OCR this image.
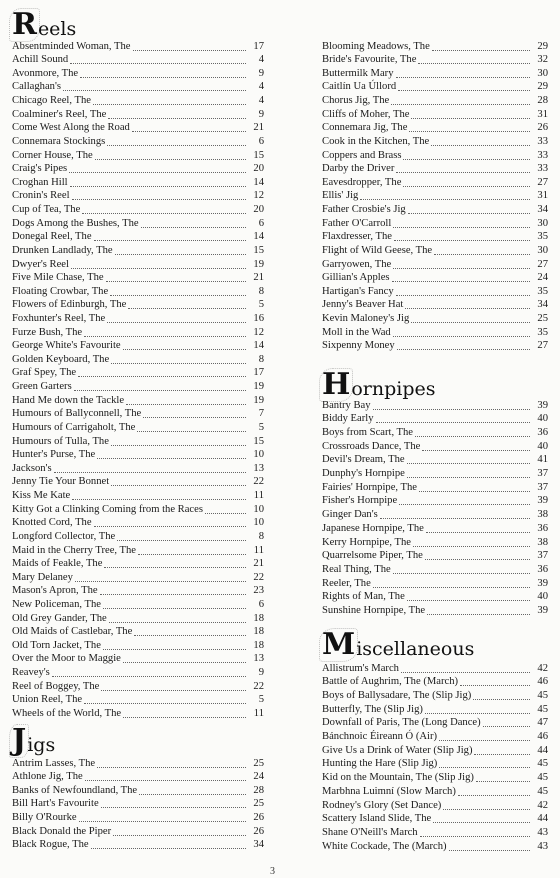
R eels
Absentminded Woman, The	17
Achill Sound	4
Avonmore, The	9
Callaghan's	4
Chicago Reel, The	4
Coalminer's Reel, The	9
Come West Along the Road	21
Connemara Stockings	6
Corner House, The	15
Craig's Pipes	20
Croghan Hill	14
Cronin's Reel	12
Cup of Tea, The	20
Dogs Among the Bushes, The	6
Donegal Reel, The	14
Drunken Landlady, The	15
Dwyer's Reel	19
Five Mile Chase, The	21
Floating Crowbar, The	8
Flowers of Edinburgh, The	5
Foxhunter's Reel, The	16
Furze Bush, The	12
George White's Favourite	14
Golden Keyboard, The	8
Graf Spey, The	17
Green Garters	19
Hand Me down the Tackle	19
Humours of Ballyconnell, The	7
Humours of Carrigaholt, The	5
Humours of Tulla, The	15
Hunter's Purse, The	10
Jackson's	13
Jenny Tie Your Bonnet	22
Kiss Me Kate	11
Kitty Got a Clinking Coming from the Races	10
Knotted Cord, The	10
Longford Collector, The	8
Maid in the Cherry Tree, The	11
Maids of Feakle, The	21
Mary Delaney	22
Mason's Apron, The	23
New Policeman, The	6
Old Grey Gander, The	18
Old Maids of Castlebar, The	18
Old Torn Jacket, The	18
Over the Moor to Maggie	13
Reavey's	9
Reel of Boggey, The	22
Union Reel, The	5
Wheels of the World, The	11
J igs
Antrim Lasses, The	25
Athlone Jig, The	24
Banks of Newfoundland, The	28
Bill Hart's Favourite	25
Billy O'Rourke	26
Black Donald the Piper	26
Black Rogue, The	34
Blooming Meadows, The	29
Bride's Favourite, The	32
Buttermilk Mary	30
Caitlín Ua Úllord	29
Chorus Jig, The	28
Cliffs of Moher, The	31
Connemara Jig, The	26
Cook in the Kitchen, The	33
Coppers and Brass	33
Darby the Driver	33
Eavesdropper, The	27
Ellis' Jig	31
Father Crosbie's Jig	34
Father O'Carroll	30
Flaxdresser, The	35
Flight of Wild Geese, The	30
Garryowen, The	27
Gillian's Apples	24
Hartigan's Fancy	35
Jenny's Beaver Hat	34
Kevin Maloney's Jig	25
Moll in the Wad	35
Sixpenny Money	27
H ornpipes
Bantry Bay	39
Biddy Early	40
Boys from Scart, The	36
Crossroads Dance, The	40
Devil's Dream, The	41
Dunphy's Hornpipe	37
Fairies' Hornpipe, The	37
Fisher's Hornpipe	39
Ginger Dan's	38
Japanese Hornpipe, The	36
Kerry Hornpipe, The	38
Quarrelsome Piper, The	37
Real Thing, The	36
Reeler, The	39
Rights of Man, The	40
Sunshine Hornpipe, The	39
M iscellaneous
Allistrum's March	42
Battle of Aughrim, The (March)	46
Boys of Ballysadare, The (Slip Jig)	45
Butterfly, The (Slip Jig)	45
Downfall of Paris, The (Long Dance)	47
Bánchnoic Éireann Ó (Air)	46
Give Us a Drink of Water (Slip Jig)	44
Hunting the Hare (Slip Jig)	45
Kid on the Mountain, The (Slip Jig)	45
Marbhna Luimní (Slow March)	45
Rodney's Glory (Set Dance)	42
Scattery Island Slide, The	44
Shane O'Neill's March	43
White Cockade, The (March)	43
3
